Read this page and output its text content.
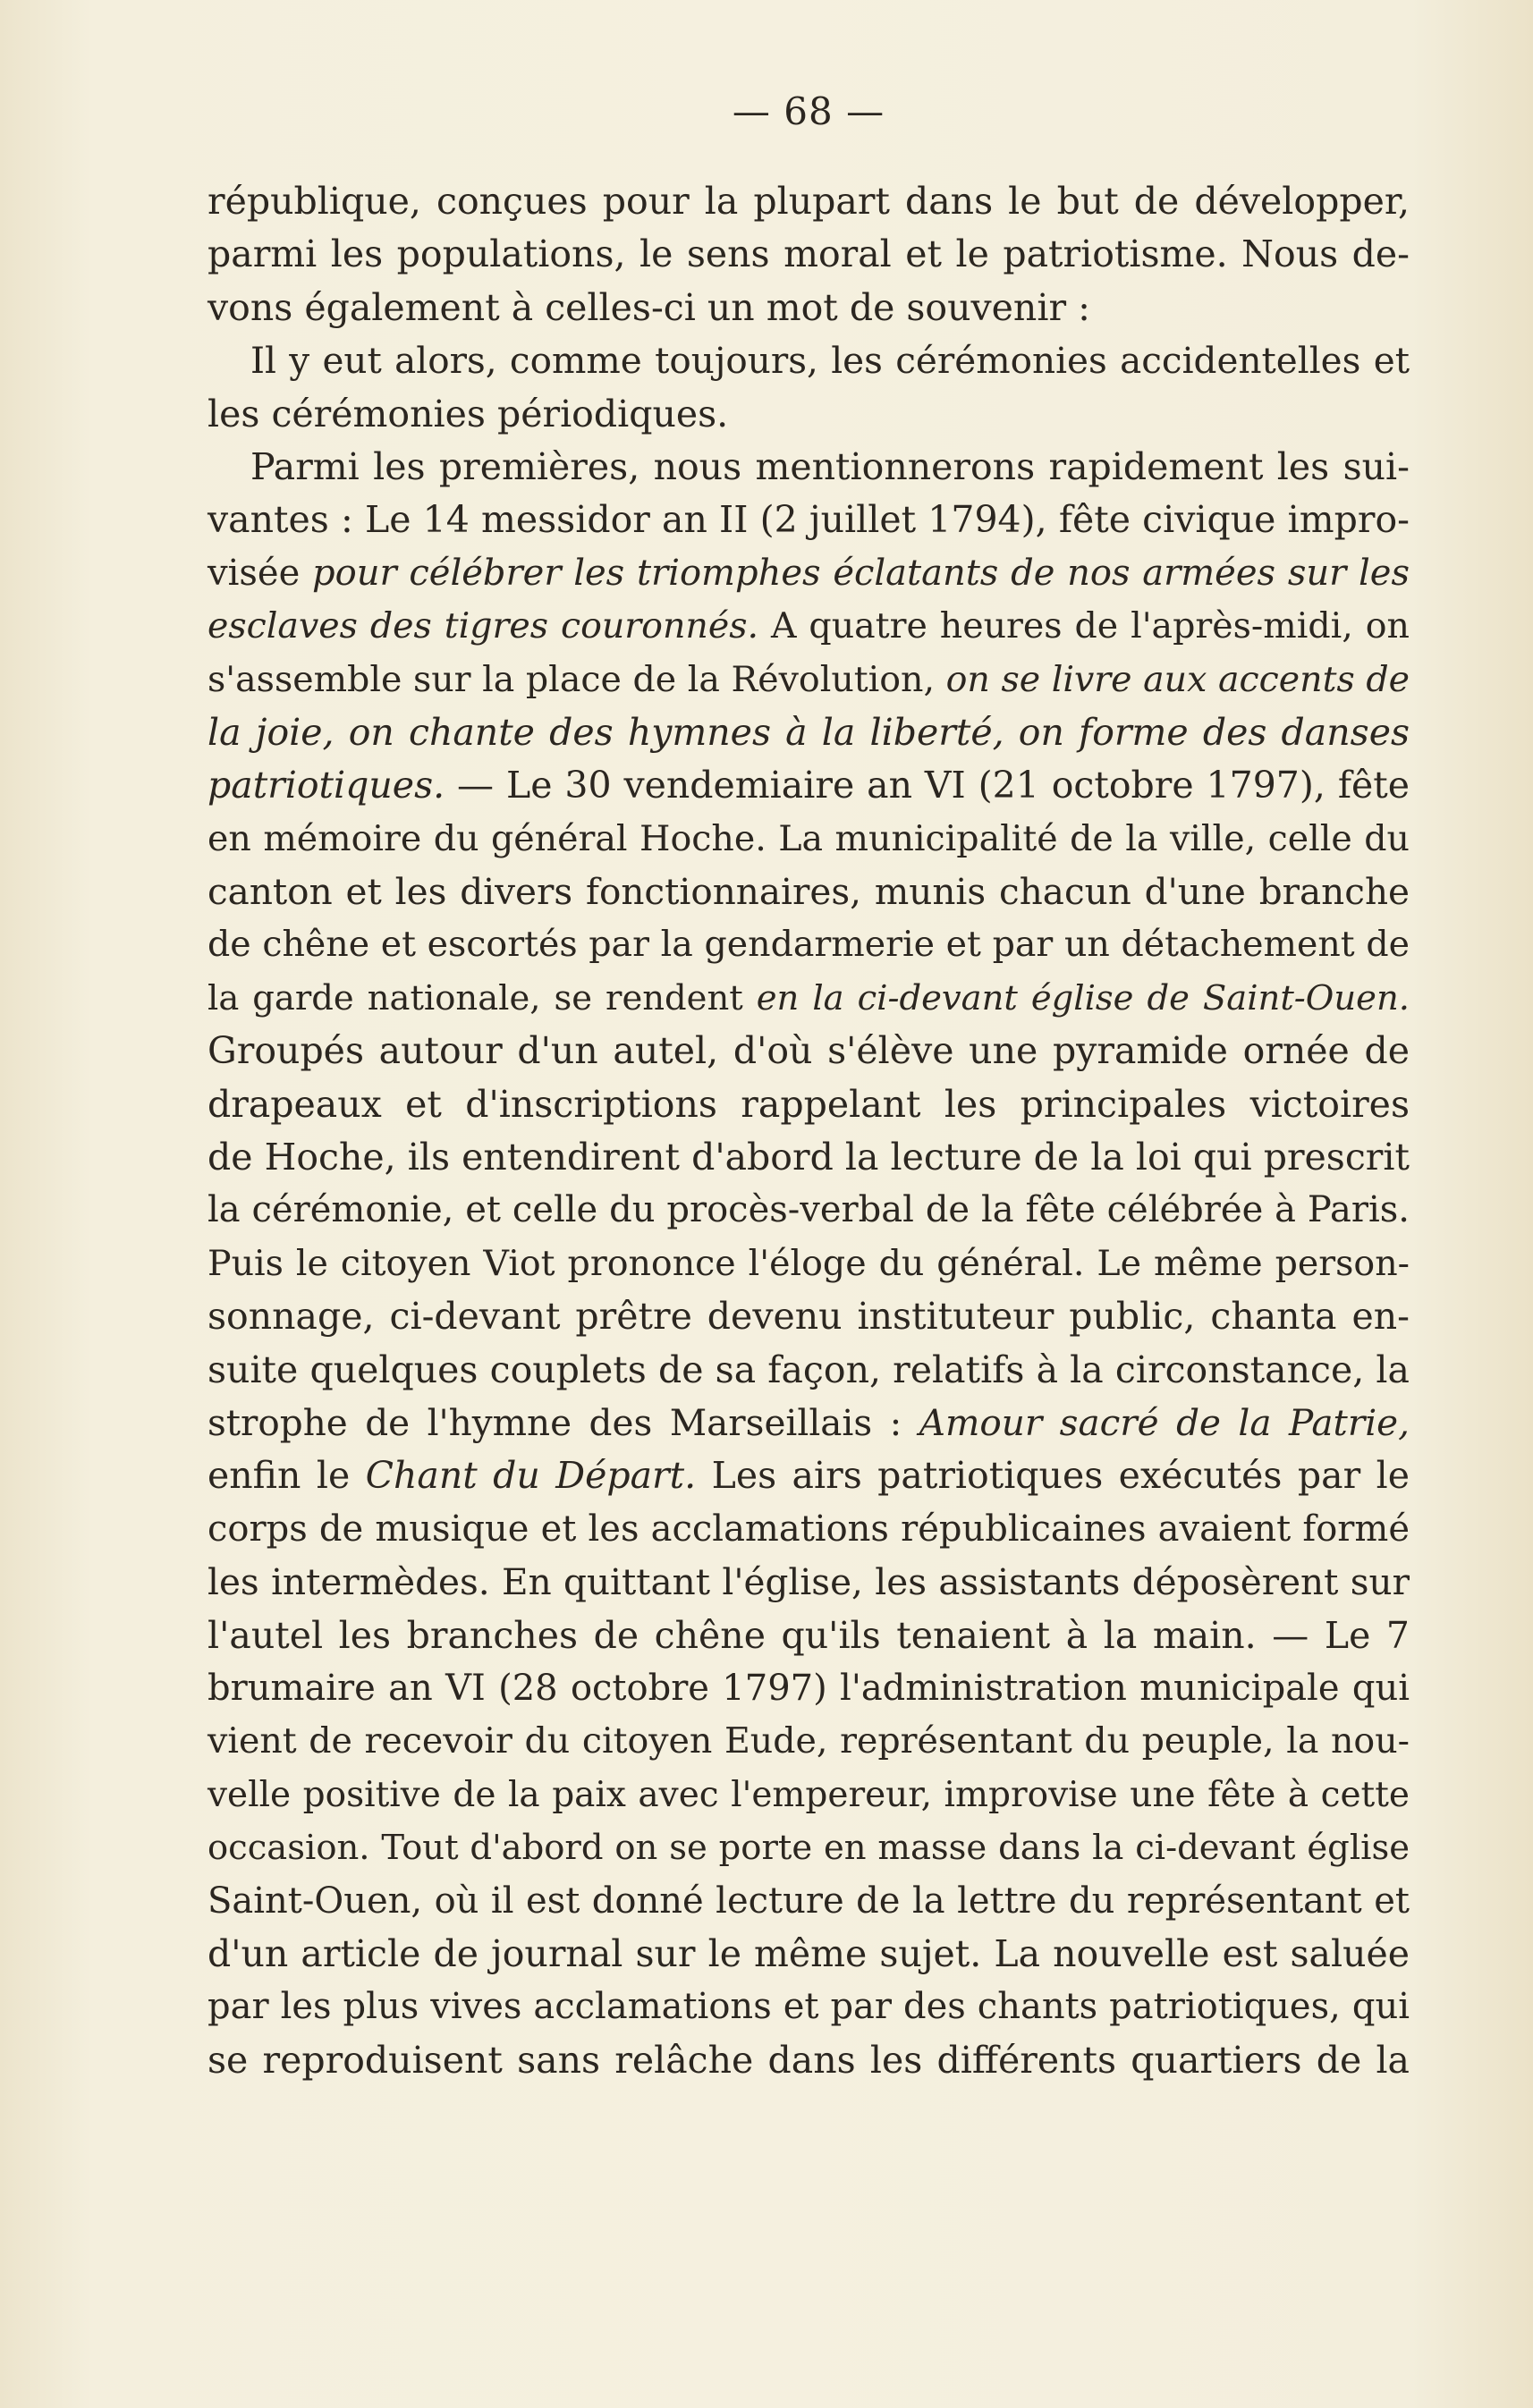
— 68 —
république, conçues pour la plupart dans le but de développer,
parmi les populations, le sens moral et le patriotisme. Nous de-
vons également à celles-ci un mot de souvenir :
Il y eut alors, comme toujours, les cérémonies accidentelles et
les cérémonies périodiques.
Parmi les premières, nous mentionnerons rapidement les sui-
vantes : Le 14 messidor an II (2 juillet 1794), fête civique impro-
visée pour célébrer les triomphes éclatants de nos armées sur les
esclaves des tigres couronnés. A quatre heures de l'après-midi, on
s'assemble sur la place de la Révolution, on se livre aux accents de
la joie, on chante des hymnes à la liberté, on forme des danses
patriotiques. — Le 30 vendemiaire an VI (21 octobre 1797), fête
en mémoire du général Hoche. La municipalité de la ville, celle du
canton et les divers fonctionnaires, munis chacun d'une branche
de chêne et escortés par la gendarmerie et par un détachement de
la garde nationale, se rendent en la ci-devant église de Saint-Ouen.
Groupés autour d'un autel, d'où s'élève une pyramide ornée de
drapeaux et d'inscriptions rappelant les principales victoires
de Hoche, ils entendirent d'abord la lecture de la loi qui prescrit
la cérémonie, et celle du procès-verbal de la fête célébrée à Paris.
Puis le citoyen Viot prononce l'éloge du général. Le même person-
sonnage, ci-devant prêtre devenu instituteur public, chanta en-
suite quelques couplets de sa façon, relatifs à la circonstance, la
strophe de l'hymne des Marseillais : Amour sacré de la Patrie,
enfin le Chant du Départ. Les airs patriotiques exécutés par le
corps de musique et les acclamations républicaines avaient formé
les intermèdes. En quittant l'église, les assistants déposèrent sur
l'autel les branches de chêne qu'ils tenaient à la main. — Le 7
brumaire an VI (28 octobre 1797) l'administration municipale qui
vient de recevoir du citoyen Eude, représentant du peuple, la nou-
velle positive de la paix avec l'empereur, improvise une fête à cette
occasion. Tout d'abord on se porte en masse dans la ci-devant église
Saint-Ouen, où il est donné lecture de la lettre du représentant et
d'un article de journal sur le même sujet. La nouvelle est saluée
par les plus vives acclamations et par des chants patriotiques, qui
se reproduisent sans relâche dans les différents quartiers de la
